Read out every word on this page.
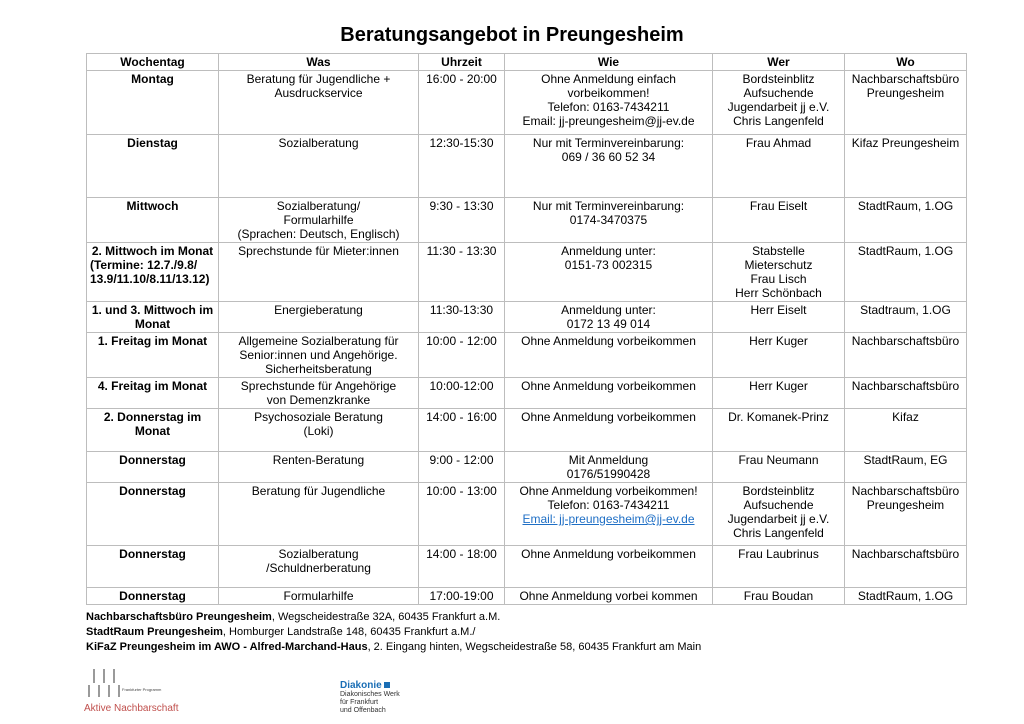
Beratungsangebot in Preungesheim
Wochentag	Was	Uhrzeit	Wie	Wer	Wo

Montag	Beratung für Jugendliche +
Ausdruckservice	16:00 - 20:00	Ohne Anmeldung einfach
vorbeikommen!
Telefon: 0163-7434211
Email: jj-preungesheim@jj-ev.de	Bordsteinblitz
Aufsuchende
Jugendarbeit jj e.V.
Chris Langenfeld	Nachbarschaftsbüro
Preungesheim

Dienstag	Sozialberatung	12:30-15:30	Nur mit Terminvereinbarung:
069 / 36 60 52 34	Frau Ahmad	Kifaz Preungesheim

Mittwoch	Sozialberatung/
Formularhilfe
(Sprachen: Deutsch, Englisch)	9:30 - 13:30	Nur mit Terminvereinbarung:
0174-3470375	Frau Eiselt	StadtRaum, 1.OG

2. Mittwoch im Monat
(Termine: 12.7./9.8/ 13.9/11.10/8.11/13.12)	Sprechstunde für Mieter:innen	11:30 - 13:30	Anmeldung unter:
0151-73 002315	Stabstelle
Mieterschutz
Frau Lisch
Herr Schönbach	StadtRaum, 1.OG

1. und 3. Mittwoch im Monat	Energieberatung	11:30-13:30	Anmeldung unter:
0172 13 49 014	Herr Eiselt	Stadtraum, 1.OG

1. Freitag im Monat	Allgemeine Sozialberatung für
Senior:innen und Angehörige.
Sicherheitsberatung	10:00 - 12:00	Ohne Anmeldung vorbeikommen	Herr Kuger	Nachbarschaftsbüro

4. Freitag im Monat	Sprechstunde für Angehörige
von Demenzkranke	10:00-12:00	Ohne Anmeldung vorbeikommen	Herr Kuger	Nachbarschaftsbüro

2. Donnerstag im Monat	Psychosoziale Beratung
(Loki)	14:00 - 16:00	Ohne Anmeldung vorbeikommen	Dr. Komanek-Prinz	Kifaz

Donnerstag	Renten-Beratung	9:00 - 12:00	Mit Anmeldung
0176/51990428	Frau Neumann	StadtRaum, EG

Donnerstag	Beratung für Jugendliche	10:00 - 13:00	Ohne Anmeldung vorbeikommen!
Telefon: 0163-7434211
Email: jj-preungesheim@jj-ev.de	Bordsteinblitz
Aufsuchende
Jugendarbeit jj e.V.
Chris Langenfeld	Nachbarschaftsbüro
Preungesheim

Donnerstag	Sozialberatung
/Schuldnerberatung	14:00 - 18:00	Ohne Anmeldung vorbeikommen	Frau Laubrinus	Nachbarschaftsbüro

Donnerstag	Formularhilfe	17:00-19:00	Ohne Anmeldung vorbei kommen	Frau Boudan	StadtRaum, 1.OG
Nachbarschaftsbüro Preungesheim, Wegscheidestraße 32A, 60435 Frankfurt a.M.
StadtRaum Preungesheim, Homburger Landstraße 148, 60435 Frankfurt a.M./
KiFaZ Preungesheim im AWO - Alfred-Marchand-Haus, 2. Eingang hinten, Wegscheidestraße 58, 60435 Frankfurt am Main
Frankfurter Programm
Aktive Nachbarschaft
Diakonie
Diakonisches Werk
für Frankfurt
und Offenbach
